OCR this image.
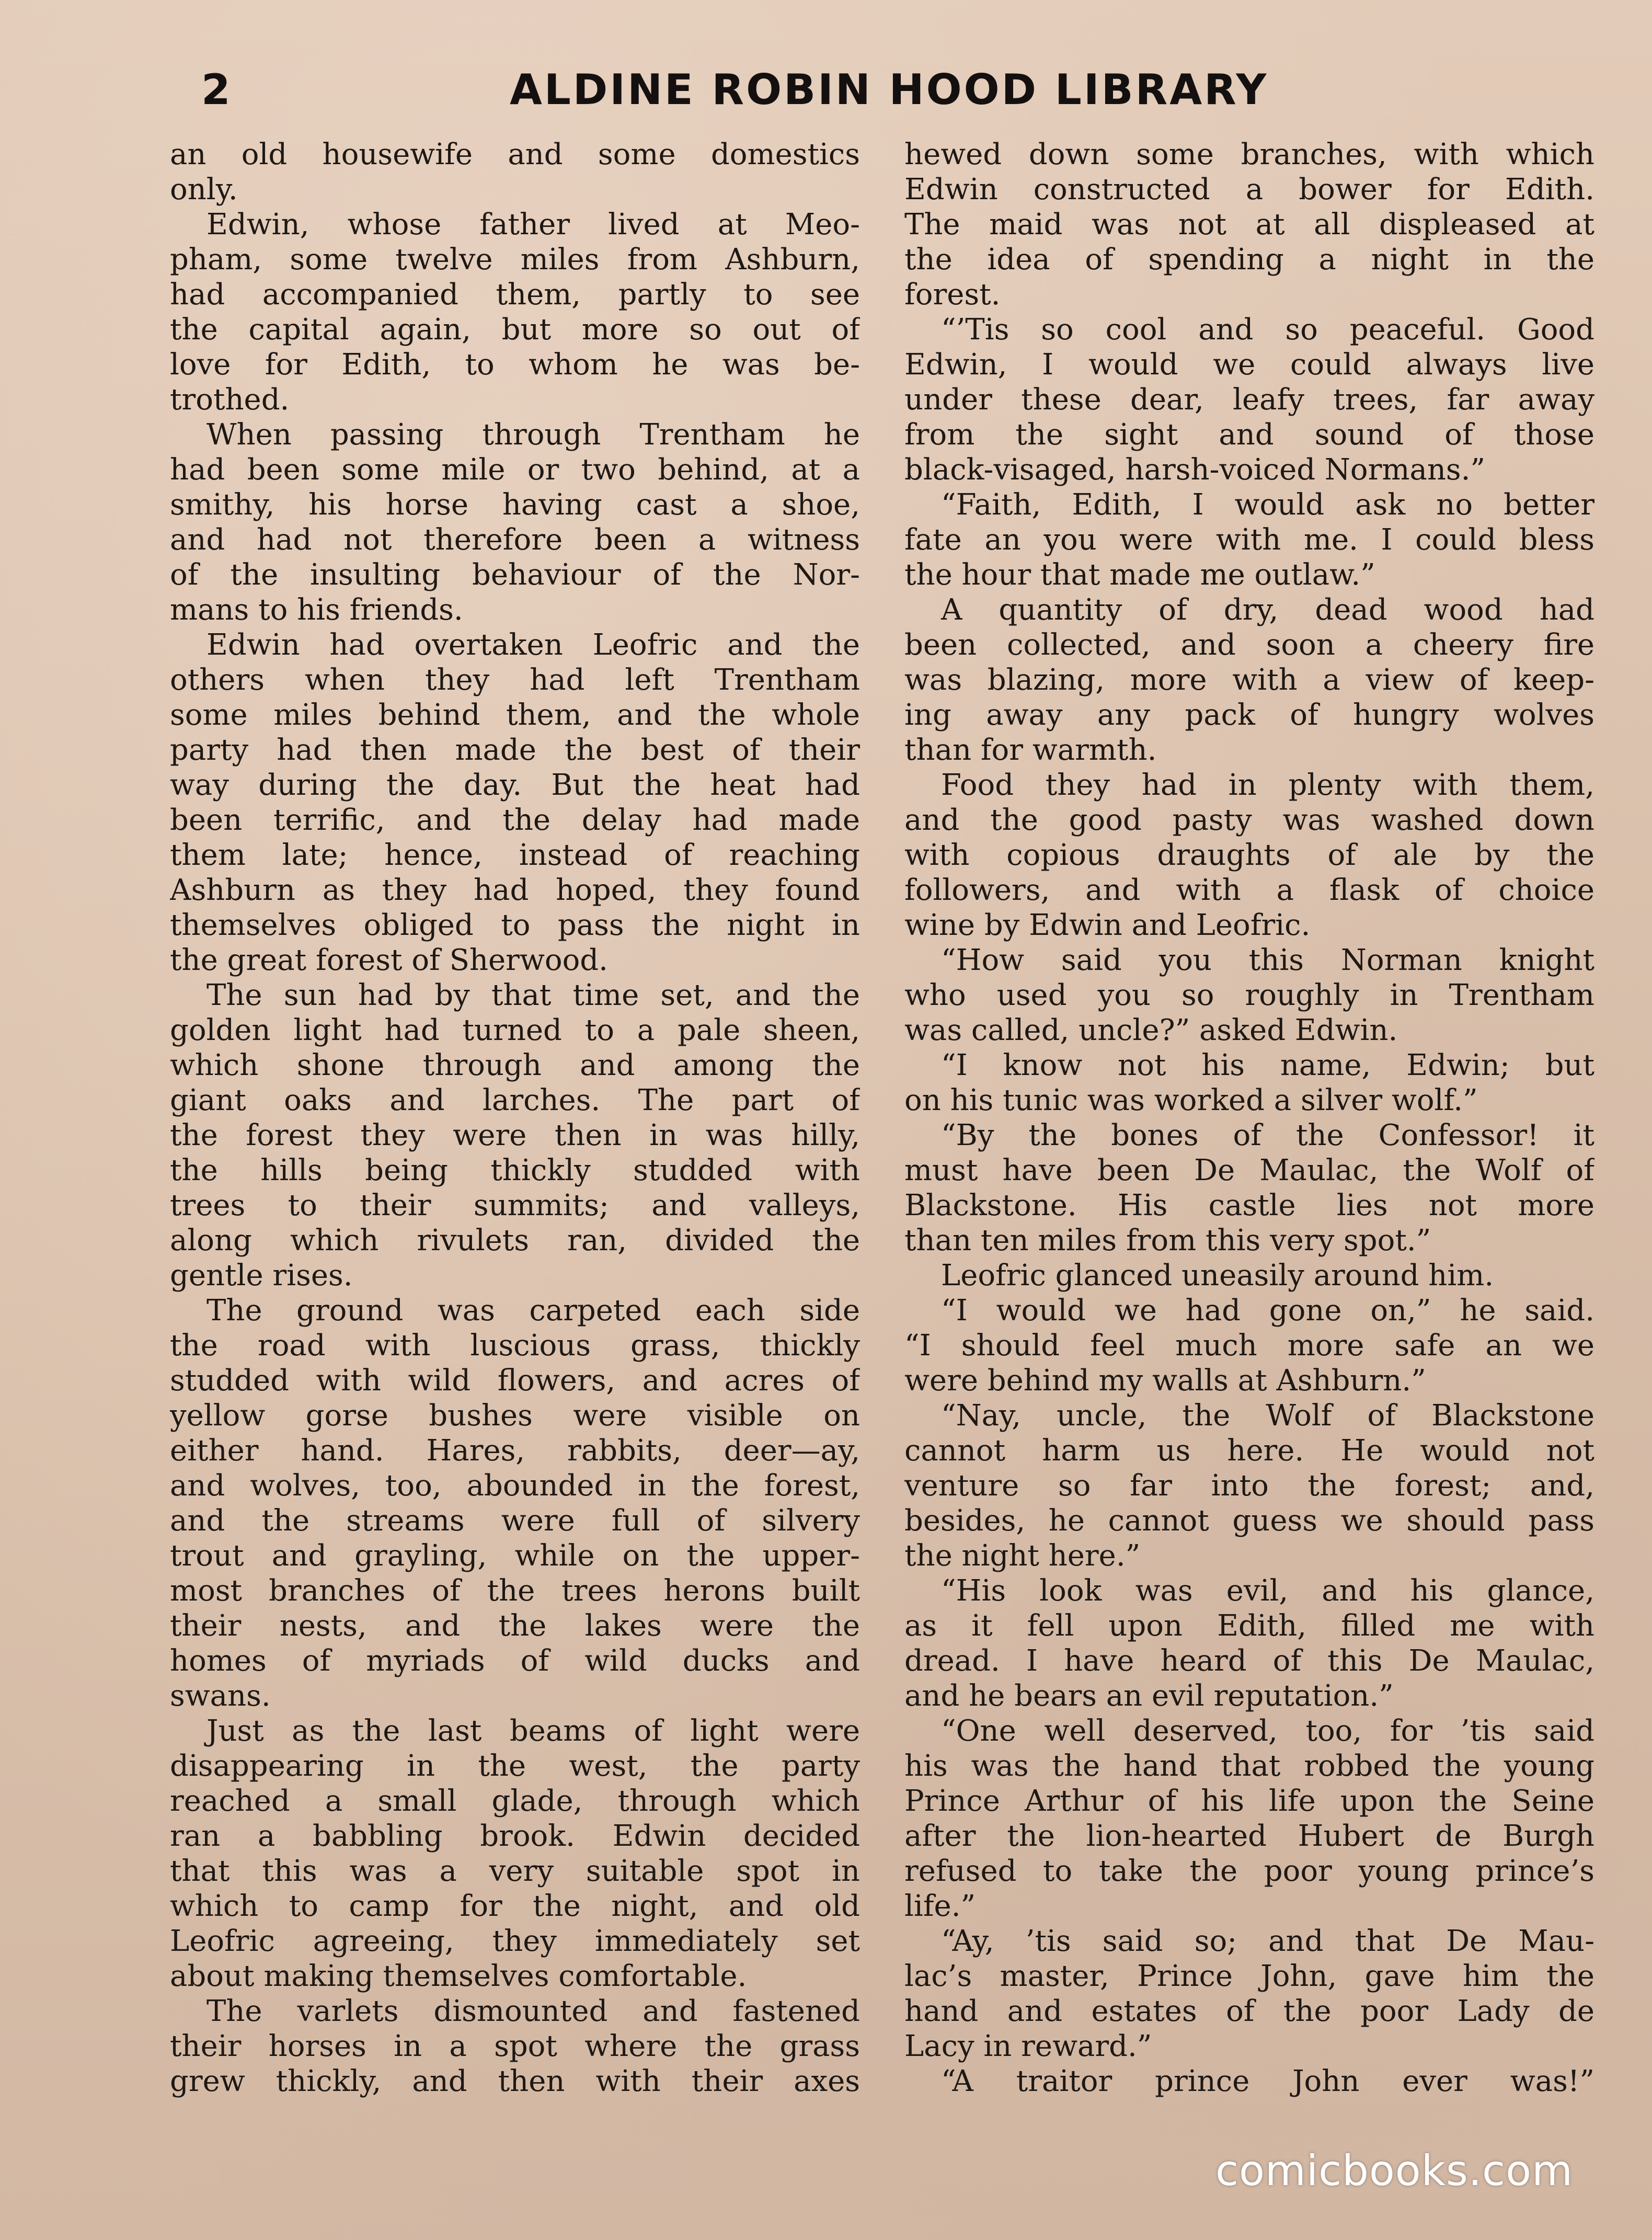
2	ALDINE ROBIN HOOD LIBRARY
an old housewife and some domestics
only.
Edwin, whose father lived at Meo-
pham, some twelve miles from Ashburn,
had accompanied them, partly to see
the capital again, but more so out of
love for Edith, to whom he was be-
trothed.
When passing through Trentham he
had been some mile or two behind, at a
smithy, his horse having cast a shoe,
and had not therefore been a witness
of the insulting behaviour of the Nor-
mans to his friends.
Edwin had overtaken Leofric and the
others when they had left Trentham
some miles behind them, and the whole
party had then made the best of their
way during the day. But the heat had
been terrific, and the delay had made
them late; hence, instead of reaching
Ashburn as they had hoped, they found
themselves obliged to pass the night in
the great forest of Sherwood.
The sun had by that time set, and the
golden light had turned to a pale sheen,
which shone through and among the
giant oaks and larches. The part of
the forest they were then in was hilly,
the hills being thickly studded with
trees to their summits; and valleys,
along which rivulets ran, divided the
gentle rises.
The ground was carpeted each side
the road with luscious grass, thickly
studded with wild flowers, and acres of
yellow gorse bushes were visible on
either hand. Hares, rabbits, deer—ay,
and wolves, too, abounded in the forest,
and the streams were full of silvery
trout and grayling, while on the upper-
most branches of the trees herons built
their nests, and the lakes were the
homes of myriads of wild ducks and
swans.
Just as the last beams of light were
disappearing in the west, the party
reached a small glade, through which
ran a babbling brook. Edwin decided
that this was a very suitable spot in
which to camp for the night, and old
Leofric agreeing, they immediately set
about making themselves comfortable.
The varlets dismounted and fastened
their horses in a spot where the grass
grew thickly, and then with their axes
hewed down some branches, with which
Edwin constructed a bower for Edith.
The maid was not at all displeased at
the idea of spending a night in the
forest.
“’Tis so cool and so peaceful. Good
Edwin, I would we could always live
under these dear, leafy trees, far away
from the sight and sound of those
black-visaged, harsh-voiced Normans.”
“Faith, Edith, I would ask no better
fate an you were with me. I could bless
the hour that made me outlaw.”
A quantity of dry, dead wood had
been collected, and soon a cheery fire
was blazing, more with a view of keep-
ing away any pack of hungry wolves
than for warmth.
Food they had in plenty with them,
and the good pasty was washed down
with copious draughts of ale by the
followers, and with a flask of choice
wine by Edwin and Leofric.
“How said you this Norman knight
who used you so roughly in Trentham
was called, uncle?” asked Edwin.
“I know not his name, Edwin; but
on his tunic was worked a silver wolf.”
“By the bones of the Confessor! it
must have been De Maulac, the Wolf of
Blackstone. His castle lies not more
than ten miles from this very spot.”
Leofric glanced uneasily around him.
“I would we had gone on,” he said.
“I should feel much more safe an we
were behind my walls at Ashburn.”
“Nay, uncle, the Wolf of Blackstone
cannot harm us here. He would not
venture so far into the forest; and,
besides, he cannot guess we should pass
the night here.”
“His look was evil, and his glance,
as it fell upon Edith, filled me with
dread. I have heard of this De Maulac,
and he bears an evil reputation.”
“One well deserved, too, for ’tis said
his was the hand that robbed the young
Prince Arthur of his life upon the Seine
after the lion-hearted Hubert de Burgh
refused to take the poor young prince’s
life.”
“Ay, ’tis said so; and that De Mau-
lac’s master, Prince John, gave him the
hand and estates of the poor Lady de
Lacy in reward.”
“A traitor prince John ever was!”
comicbooks.com
